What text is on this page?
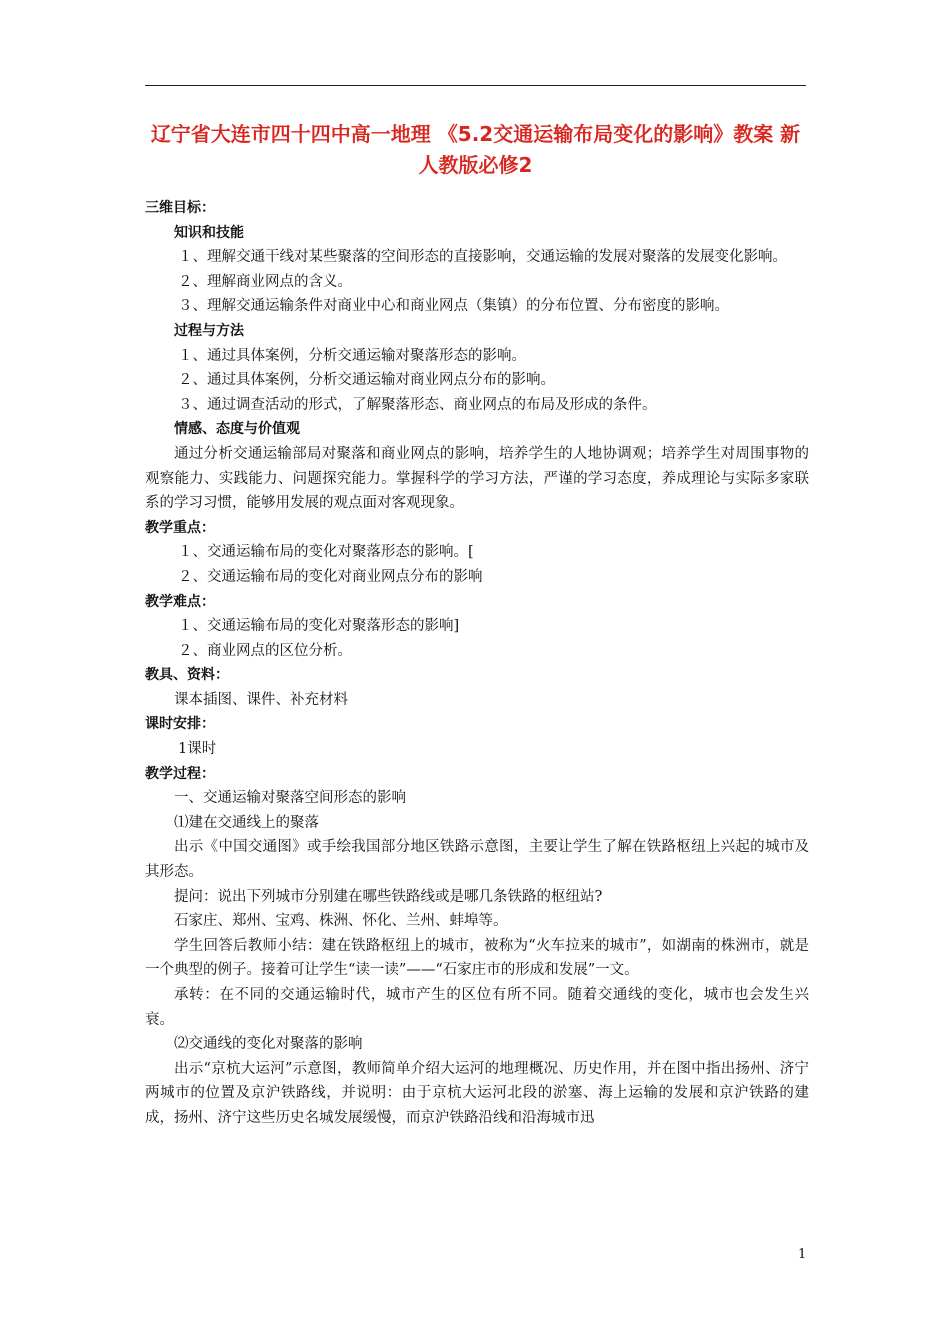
辽宁省大连市四十四中高一地理 《5.2交通运输布局变化的影响》教案 新人教版必修2
三维目标：
知识和技能
１、理解交通干线对某些聚落的空间形态的直接影响，交通运输的发展对聚落的发展变化影响。
２、理解商业网点的含义。
３、理解交通运输条件对商业中心和商业网点（集镇）的分布位置、分布密度的影响。
过程与方法
１、通过具体案例，分析交通运输对聚落形态的影响。
２、通过具体案例，分析交通运输对商业网点分布的影响。
３、通过调查活动的形式，了解聚落形态、商业网点的布局及形成的条件。
情感、态度与价值观
通过分析交通运输部局对聚落和商业网点的影响，培养学生的人地协调观；培养学生对周围事物的观察能力、实践能力、问题探究能力。掌握科学的学习方法，严谨的学习态度，养成理论与实际多家联系的学习习惯，能够用发展的观点面对客观现象。
教学重点：
１、交通运输布局的变化对聚落形态的影响。[
２、交通运输布局的变化对商业网点分布的影响
教学难点：
１、交通运输布局的变化对聚落形态的影响]
２、商业网点的区位分析。
教具、资料：
课本插图、课件、补充材料
课时安排：
1课时
教学过程：
一、交通运输对聚落空间形态的影响
⑴建在交通线上的聚落
出示《中国交通图》或手绘我国部分地区铁路示意图，主要让学生了解在铁路枢纽上兴起的城市及其形态。
提问：说出下列城市分别建在哪些铁路线或是哪几条铁路的枢纽站?
石家庄、郑州、宝鸡、株洲、怀化、兰州、蚌埠等。
学生回答后教师小结：建在铁路枢纽上的城市，被称为“火车拉来的城市”，如湖南的株洲市，就是一个典型的例子。接着可让学生“读一读”——“石家庄市的形成和发展”一文。
承转：在不同的交通运输时代，城市产生的区位有所不同。随着交通线的变化，城市也会发生兴衰。
⑵交通线的变化对聚落的影响
出示“京杭大运河”示意图，教师简单介绍大运河的地理概况、历史作用，并在图中指出扬州、济宁两城市的位置及京沪铁路线，并说明：由于京杭大运河北段的淤塞、海上运输的发展和京沪铁路的建成，扬州、济宁这些历史名城发展缓慢，而京沪铁路沿线和沿海城市迅
1
